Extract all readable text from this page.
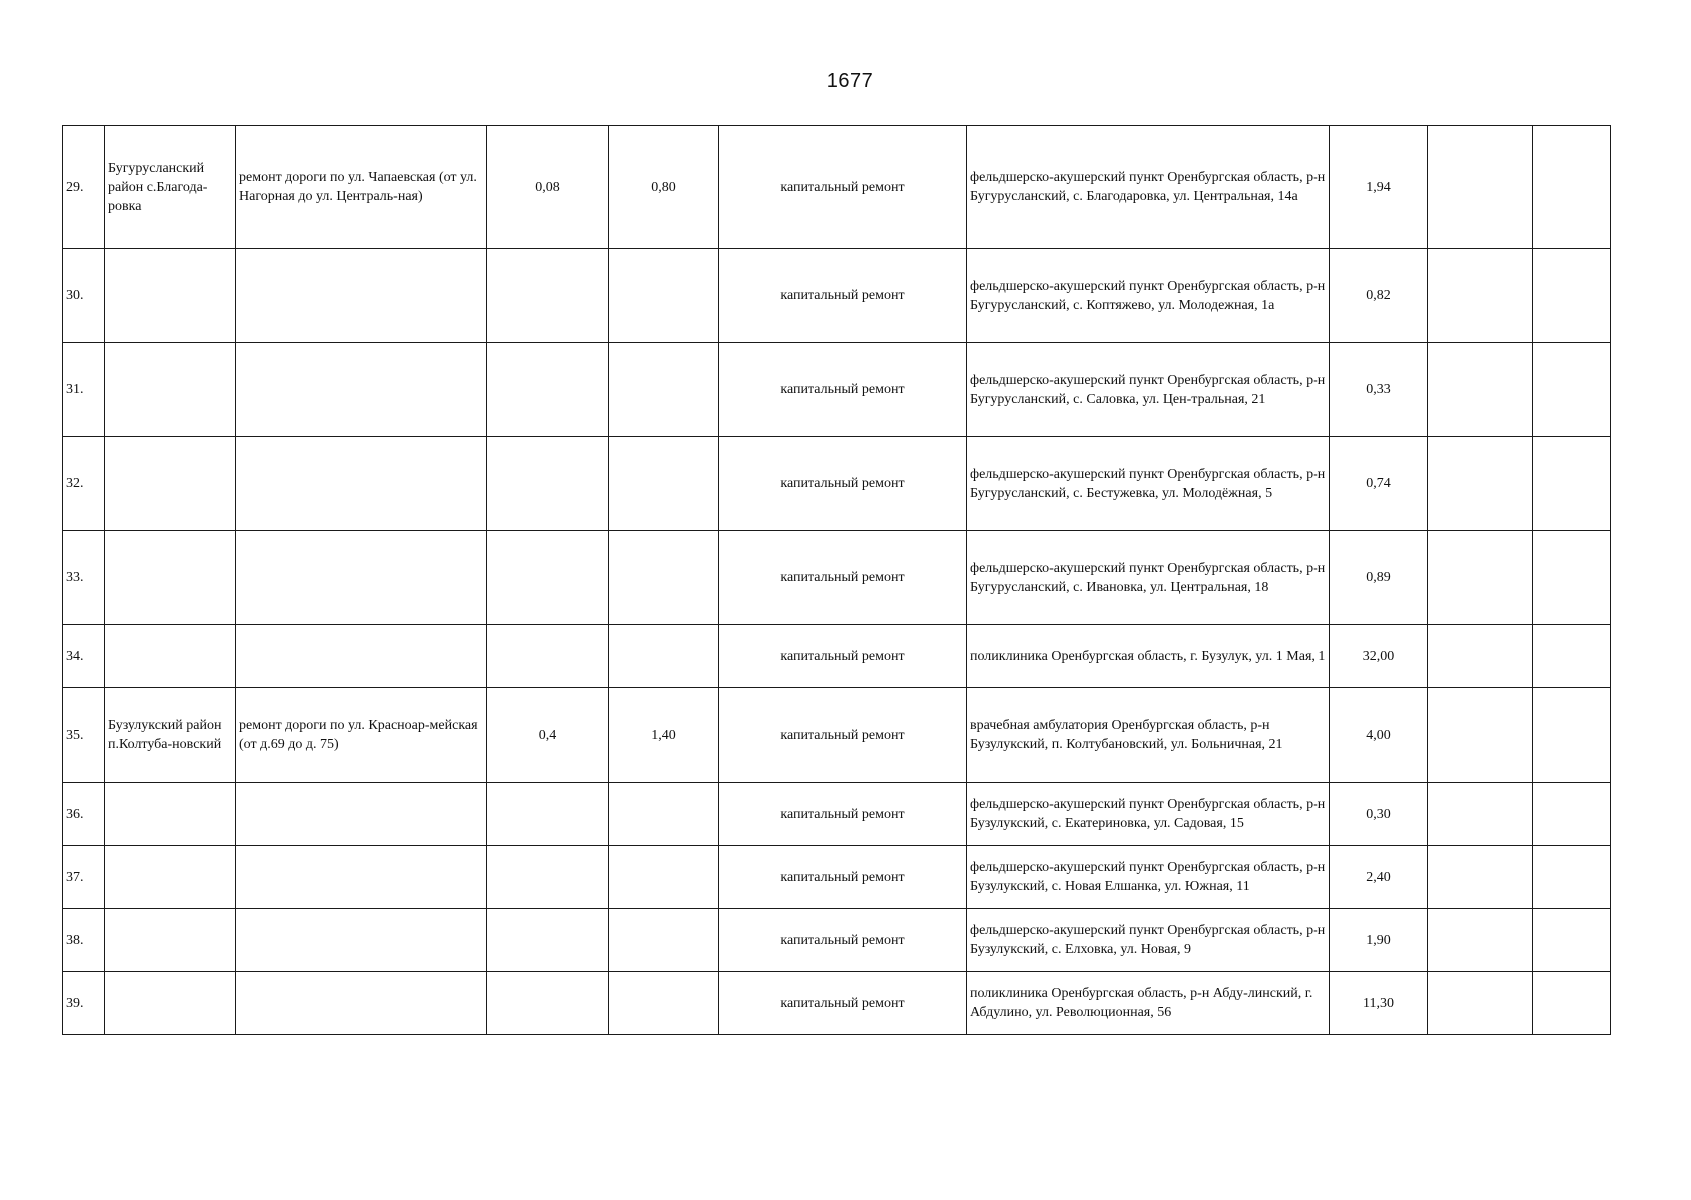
1677
29.	Бугурусланский район с.Благода-ровка	ремонт дороги по ул. Чапаевская (от ул. Нагорная до ул. Централь-ная)	0,08	0,80	капитальный ремонт	фельдшерско-акушерский пункт Оренбургская область, р-н Бугурусланский, с. Благодаровка, ул. Центральная, 14а	1,94		

30.					капитальный ремонт	фельдшерско-акушерский пункт Оренбургская область, р-н Бугурусланский, с. Коптяжево, ул. Молодежная, 1а	0,82		

31.					капитальный ремонт	фельдшерско-акушерский пункт Оренбургская область, р-н Бугурусланский, с. Саловка, ул. Цен-тральная, 21	0,33		

32.					капитальный ремонт	фельдшерско-акушерский пункт Оренбургская область, р-н Бугурусланский, с. Бестужевка, ул. Молодёжная, 5	0,74		

33.					капитальный ремонт	фельдшерско-акушерский пункт Оренбургская область, р-н Бугурусланский, с. Ивановка, ул. Центральная, 18	0,89		

34.					капитальный ремонт	поликлиника Оренбургская область, г. Бузулук, ул. 1 Мая, 1	32,00		

35.	Бузулукский район п.Колтуба-новский	ремонт дороги по ул. Красноар-мейская (от д.69 до д. 75)	0,4	1,40	капитальный ремонт	врачебная амбулатория Оренбургская область, р-н Бузулукский, п. Колтубановский, ул. Больничная, 21	4,00		

36.					капитальный ремонт	фельдшерско-акушерский пункт Оренбургская область, р-н Бузулукский, с. Екатериновка, ул. Садовая, 15	0,30		

37.					капитальный ремонт	фельдшерско-акушерский пункт Оренбургская область, р-н Бузулукский, с. Новая Елшанка, ул. Южная, 11	2,40		

38.					капитальный ремонт	фельдшерско-акушерский пункт Оренбургская область, р-н Бузулукский, с. Елховка, ул. Новая, 9	1,90		

39.					капитальный ремонт	поликлиника Оренбургская область, р-н Абду-линский, г. Абдулино, ул. Революционная, 56	11,30		
